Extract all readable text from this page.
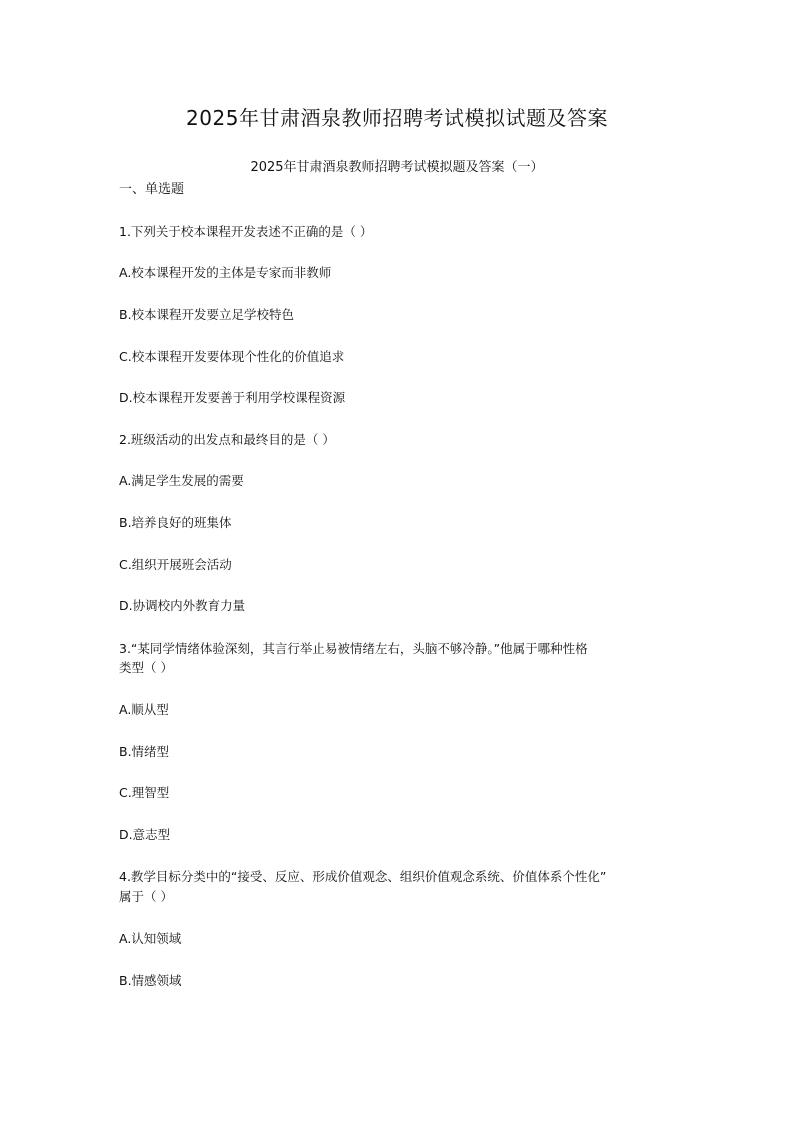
2025年甘肃酒泉教师招聘考试模拟试题及答案
2025年甘肃酒泉教师招聘考试模拟题及答案（一）
一、单选题
1.下列关于校本课程开发表述不正确的是（ ）
A.校本课程开发的主体是专家而非教师
B.校本课程开发要立足学校特色
C.校本课程开发要体现个性化的价值追求
D.校本课程开发要善于利用学校课程资源
2.班级活动的出发点和最终目的是（ ）
A.满足学生发展的需要
B.培养良好的班集体
C.组织开展班会活动
D.协调校内外教育力量
3.“某同学情绪体验深刻，其言行举止易被情绪左右，头脑不够冷静。”他属于哪种性格
类型（ ）
A.顺从型
B.情绪型
C.理智型
D.意志型
4.教学目标分类中的“接受、反应、形成价值观念、组织价值观念系统、价值体系个性化”
属于（ ）
A.认知领域
B.情感领域
